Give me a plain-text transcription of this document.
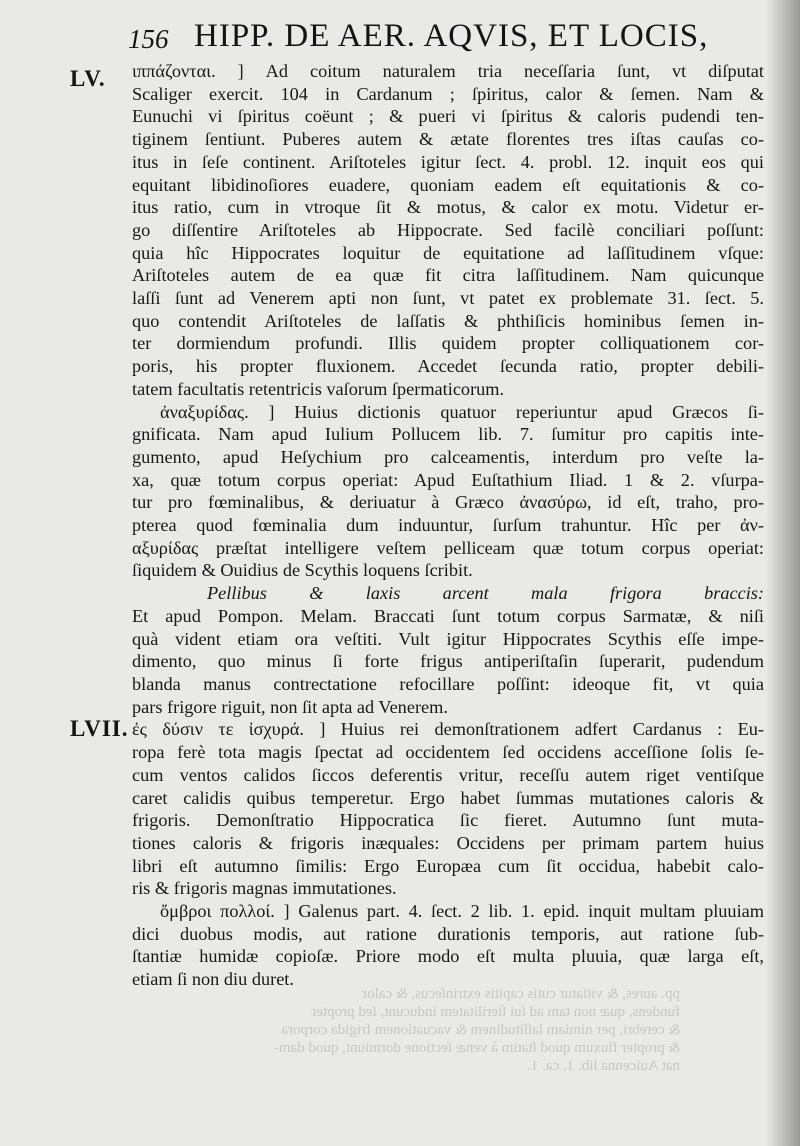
156 HIPP. DE AER. AQVIS, ET LOCIS,
LV.
LVII.
ιππάζονται. ] Ad coitum naturalem tria neceſſaria ſunt, vt diſputat
Scaliger exercit. 104 in Cardanum ; ſpiritus, calor & ſemen. Nam &
Eunuchi vi ſpiritus coëunt ; & pueri vi ſpiritus & caloris pudendi ten-
tiginem ſentiunt. Puberes autem & ætate florentes tres iſtas cauſas co-
itus in ſeſe continent. Ariſtoteles igitur ſect. 4. probl. 12. inquit eos qui
equitant libidinoſiores euadere, quoniam eadem eſt equitationis & co-
itus ratio, cum in vtroque ſit & motus, & calor ex motu. Videtur er-
go diſſentire Ariſtoteles ab Hippocrate. Sed facilè conciliari poſſunt:
quia hîc Hippocrates loquitur de equitatione ad laſſitudinem vſque:
Ariſtoteles autem de ea quæ fit citra laſſitudinem. Nam quicunque
laſſi ſunt ad Venerem apti non ſunt, vt patet ex problemate 31. ſect. 5.
quo contendit Ariſtoteles de laſſatis & phthiſicis hominibus ſemen in-
ter dormiendum profundi. Illis quidem propter colliquationem cor-
poris, his propter fluxionem. Accedet ſecunda ratio, propter debili-
tatem facultatis retentricis vaſorum ſpermaticorum.
ἀναξυρίδας. ] Huius dictionis quatuor reperiuntur apud Græcos ſi-
gnificata. Nam apud Iulium Pollucem lib. 7. ſumitur pro capitis inte-
gumento, apud Heſychium pro calceamentis, interdum pro veſte la-
xa, quæ totum corpus operiat: Apud Euſtathium Iliad. 1 & 2. vſurpa-
tur pro fœminalibus, & deriuatur à Græco ἀνασύρω, id eſt, traho, pro-
pterea quod fœminalia dum induuntur, ſurſum trahuntur. Hîc per ἀν-
αξυρίδας præſtat intelligere veſtem pelliceam quæ totum corpus operiat:
ſiquidem & Ouidius de Scythis loquens ſcribit.
Pellibus & laxis arcent mala frigora braccis:
Et apud Pompon. Melam. Braccati ſunt totum corpus Sarmatæ, & niſi
quà vident etiam ora veſtiti. Vult igitur Hippocrates Scythis eſſe impe-
dimento, quo minus ſi forte frigus antiperiſtaſin ſuperarit, pudendum
blanda manus contrectatione refocillare poſſint: ideoque fit, vt quia
pars frigore riguit, non ſit apta ad Venerem.
ἐς δύσιν τε ἰσχυρά. ] Huius rei demonſtrationem adfert Cardanus : Eu-
ropa ferè tota magis ſpectat ad occidentem ſed occidens acceſſione ſolis ſe-
cum ventos calidos ſiccos deferentis vritur, receſſu autem riget ventiſque
caret calidis quibus temperetur. Ergo habet ſummas mutationes caloris &
frigoris. Demonſtratio Hippocratica ſic fieret. Autumno ſunt muta-
tiones caloris & frigoris inæquales: Occidens per primam partem huius
libri eſt autumno ſimilis: Ergo Europæa cum ſit occidua, habebit calo-
ris & frigoris magnas immutationes.
ὄμβροι πολλοί. ] Galenus part. 4. ſect. 2 lib. 1. epid. inquit multam pluuiam
dici duobus modis, aut ratione durationis temporis, aut ratione ſub-
ſtantiæ humidæ copioſæ. Priore modo eſt multa pluuia, quæ larga eſt,
etiam ſi non diu duret.
pp. aures, & vitiatur cutis capitis extrinſecus, & calor
fundens, quæ non tam ad ſui ſterilitatem inducunt, ſed propter
& cerebri, per nimiam laſſitudinem & vacuationem frigida corpora
& propter fluxum quod ſtatim à venæ ſectione dormiunt, quod dam-
nat Auicenna lib. 1. ca. 1.
